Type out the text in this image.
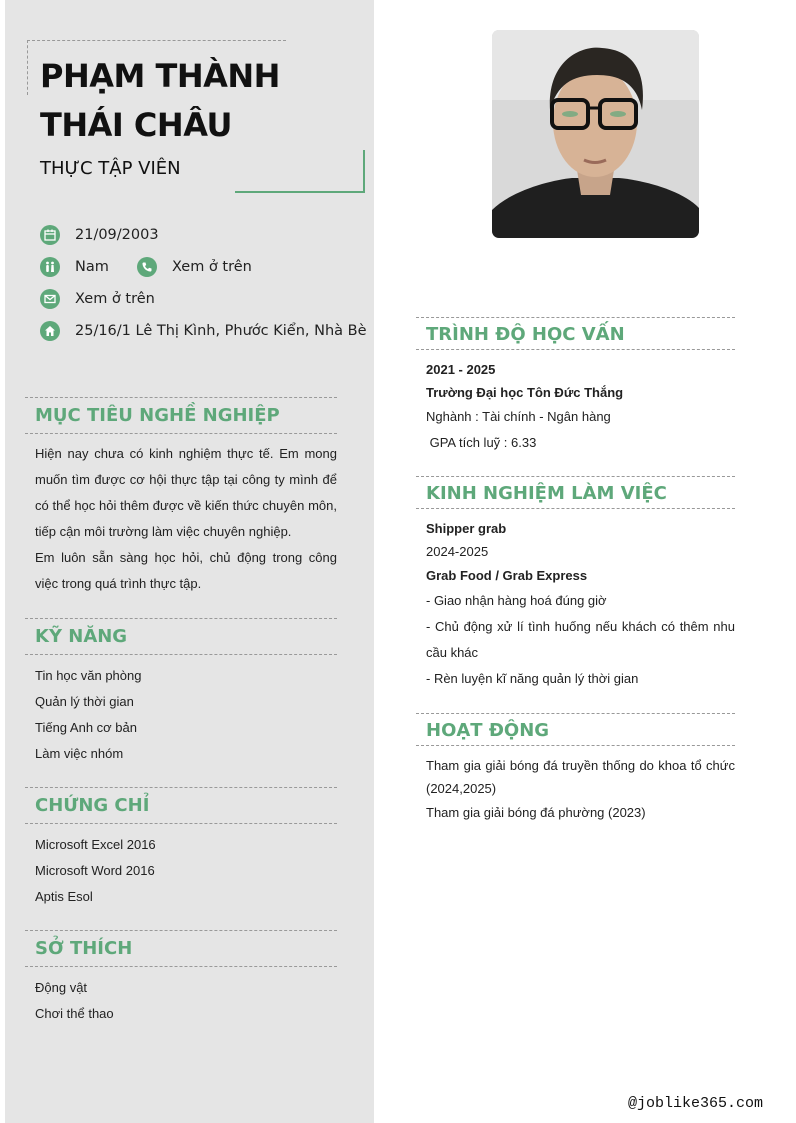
PHẠM THÀNH THÁI CHÂU
THỰC TẬP VIÊN
21/09/2003
Nam	Xem ở trên
Xem ở trên
25/16/1 Lê Thị Kình, Phước Kiển, Nhà Bè
MỤC TIÊU NGHỀ NGHIỆP
Hiện nay chưa có kinh nghiệm thực tế. Em mong muốn tìm được cơ hội thực tập tại công ty mình để có thể học hỏi thêm được về kiến thức chuyên môn, tiếp cận môi trường làm việc chuyên nghiệp.
Em luôn sẵn sàng học hỏi, chủ động trong công việc trong quá trình thực tập.
KỸ NĂNG
Tin học văn phòng
Quản lý thời gian
Tiếng Anh cơ bản
Làm việc nhóm
CHỨNG CHỈ
Microsoft Excel 2016
Microsoft Word 2016
Aptis Esol
SỞ THÍCH
Động vật
Chơi thể thao
TRÌNH ĐỘ HỌC VẤN
2021 - 2025
Trường Đại học Tôn Đức Thắng
Nghành : Tài chính - Ngân hàng
GPA tích luỹ : 6.33
KINH NGHIỆM LÀM VIỆC
Shipper grab
2024-2025
Grab Food / Grab Express
- Giao nhận hàng hoá đúng giờ
- Chủ động xử lí tình huống nếu khách có thêm nhu cầu khác
- Rèn luyện kĩ năng quản lý thời gian
HOẠT ĐỘNG
Tham gia giải bóng đá truyền thống do khoa tổ chức (2024,2025)
Tham gia giải bóng đá phường (2023)
@joblike365.com
